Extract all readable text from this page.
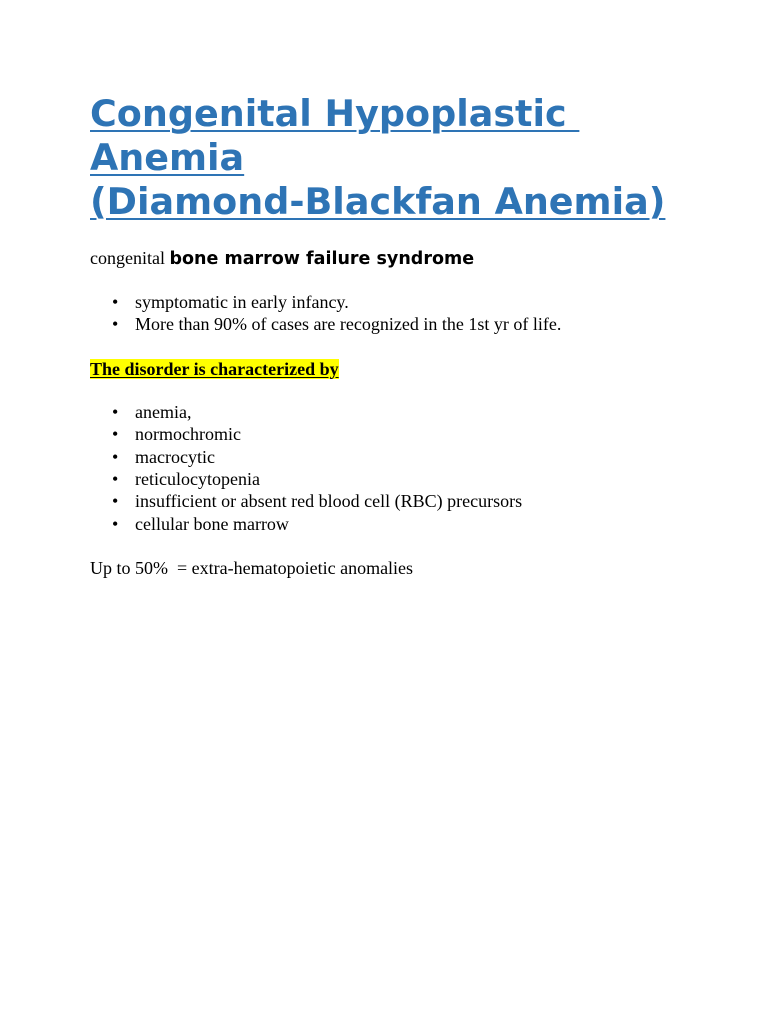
Congenital Hypoplastic
Anemia
(Diamond-Blackfan Anemia)

congenital bone marrow failure syndrome

• symptomatic in early infancy.
• More than 90% of cases are recognized in the 1st yr of life.

The disorder is characterized by

• anemia,
• normochromic
• macrocytic
• reticulocytopenia
• insufficient or absent red blood cell (RBC) precursors
• cellular bone marrow

Up to 50%  = extra-hematopoietic anomalies
